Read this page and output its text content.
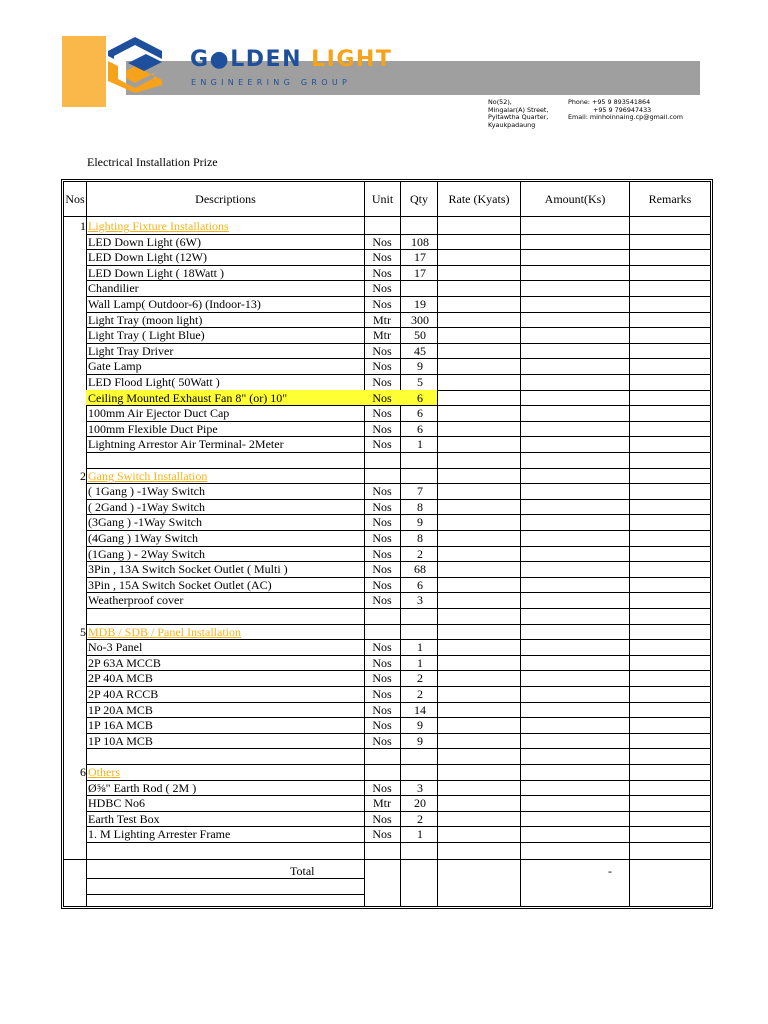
G●LDEN LIGHT
ENGINEERING GROUP
No(52),
Mingalar(A) Street,
Pyitawtha Quarter,
Kyaukpadaung
Phone: +95 9 893541864
+95 9 796947433
Email: minhoinnaing.cp@gmail.com
Electrical Installation Prize
Nos	Descriptions	Unit	Qty	Rate (Kyats)	Amount(Ks)	Remarks
1 Lighting Fixture Installations
LED Down Light (6W)	Nos	108
LED Down Light (12W)	Nos	17
LED Down Light ( 18Watt )	Nos	17
Chandilier	Nos
Wall Lamp( Outdoor-6) (Indoor-13)	Nos	19
Light Tray (moon light)	Mtr	300
Light Tray ( Light Blue)	Mtr	50
Light Tray Driver	Nos	45
Gate Lamp	Nos	9
LED Flood Light( 50Watt )	Nos	5
Ceiling Mounted Exhaust Fan 8" (or) 10"	Nos	6
100mm Air Ejector Duct Cap	Nos	6
100mm Flexible Duct Pipe	Nos	6
Lightning Arrestor Air Terminal- 2Meter	Nos	1
2 Gang Switch Installation
( 1Gang ) -1Way Switch	Nos	7
( 2Gand ) -1Way Switch	Nos	8
(3Gang ) -1Way Switch	Nos	9
(4Gang ) 1Way Switch	Nos	8
(1Gang ) - 2Way Switch	Nos	2
3Pin , 13A Switch Socket Outlet ( Multi )	Nos	68
3Pin , 15A Switch Socket Outlet (AC)	Nos	6
Weatherproof cover	Nos	3
5 MDB / SDB / Panel Installation
No-3 Panel	Nos	1
2P 63A MCCB	Nos	1
2P 40A MCB	Nos	2
2P 40A RCCB	Nos	2
1P 20A MCB	Nos	14
1P 16A MCB	Nos	9
1P 10A MCB	Nos	9
6 Others
Ø⅝" Earth Rod ( 2M )	Nos	3
HDBC No6	Mtr	20
Earth Test Box	Nos	2
1. M Lighting Arrester Frame	Nos	1
Total	-
